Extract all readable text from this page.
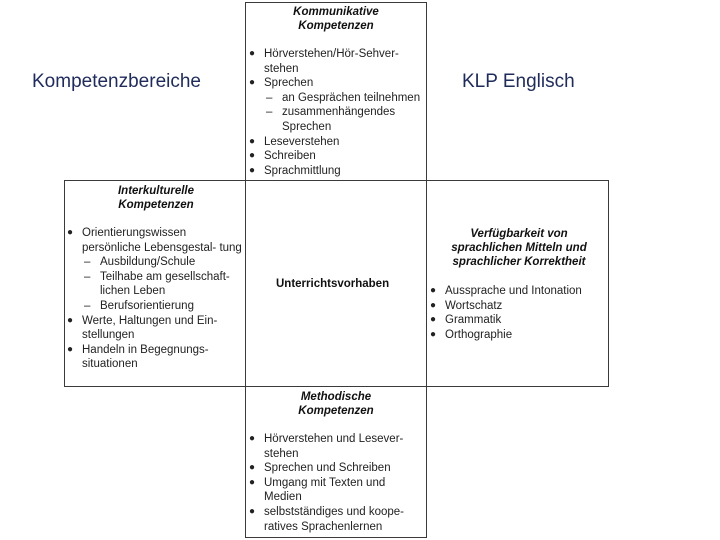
Kompetenzbereiche	KLP Englisch
Kommunikative
Kompetenzen
● Hörverstehen/Hör-Sehver- stehen
● Sprechen
– an Gesprächen teilnehmen
– zusammenhängendes Sprechen
● Leseverstehen
● Schreiben
● Sprachmittlung
Interkulturelle
Kompetenzen
● Orientierungswissen persönliche Lebensgestal- tung
– Ausbildung/Schule
– Teilhabe am gesellschaft- lichen Leben
– Berufsorientierung
● Werte, Haltungen und Ein- stellungen
● Handeln in Begegnungs- situationen
Unterrichtsvorhaben
Verfügbarkeit von
sprachlichen Mitteln und
sprachlicher Korrektheit
● Aussprache und Intonation
● Wortschatz
● Grammatik
● Orthographie
Methodische
Kompetenzen
● Hörverstehen und Lesever- stehen
● Sprechen und Schreiben
● Umgang mit Texten und Medien
● selbstständiges und koope- ratives Sprachenlernen
